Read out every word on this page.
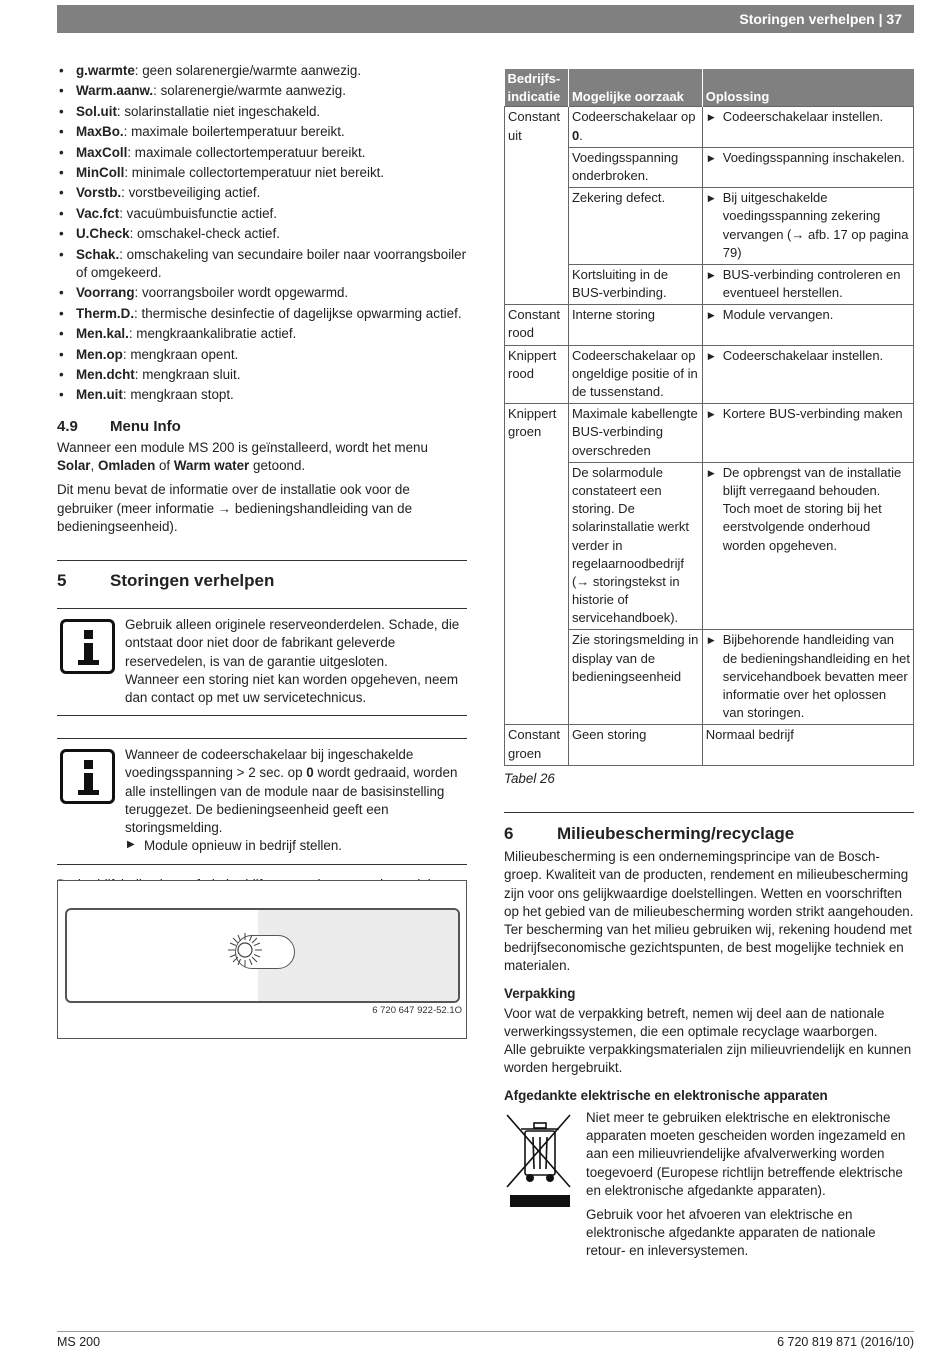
Storingen verhelpen | 37
• g.warmte: geen solarenergie/warmte aanwezig.
• Warm.aanw.: solarenergie/warmte aanwezig.
• Sol.uit: solarinstallatie niet ingeschakeld.
• MaxBo.: maximale boilertemperatuur bereikt.
• MaxColl: maximale collectortemperatuur bereikt.
• MinColl: minimale collectortemperatuur niet bereikt.
• Vorstb.: vorstbeveiliging actief.
• Vac.fct: vacuümbuisfunctie actief.
• U.Check: omschakel-check actief.
• Schak.: omschakeling van secundaire boiler naar voorrangsboiler of omgekeerd.
• Voorrang: voorrangsboiler wordt opgewarmd.
• Therm.D.: thermische desinfectie of dagelijkse opwarming actief.
• Men.kal.: mengkraankalibratie actief.
• Men.op: mengkraan opent.
• Men.dcht: mengkraan sluit.
• Men.uit: mengkraan stopt.
4.9	Menu Info

Wanneer een module MS 200 is geïnstalleerd, wordt het menu Solar, Omladen of Warm water getoond.

Dit menu bevat de informatie over de installatie ook voor de gebruiker (meer informatie → bedieningshandleiding van de bedieningseenheid).

5	Storingen verhelpen
Gebruik alleen originele reserveonderdelen. Schade, die ontstaat door niet door de fabrikant geleverde reservedelen, is van de garantie uitgesloten.
Wanneer een storing niet kan worden opgeheven, neem dan contact op met uw servicetechnicus.
Wanneer de codeerschakelaar bij ingeschakelde voedingsspanning > 2 sec. op 0 wordt gedraaid, worden alle instellingen van de module naar de basisinstelling teruggezet. De bedieningseenheid geeft een storingsmelding.
▶ Module opnieuw in bedrijf stellen.

6 720 647 922-52.1O
Bedrijfs-indicatie	Mogelijke oorzaak	Oplossing
Constant uit	Codeerschakelaar op 0.	▶ Codeerschakelaar instellen.
	Voedingsspanning onderbroken.	▶ Voedingsspanning inschakelen.
	Zekering defect.	▶ Bij uitgeschakelde voedingsspanning zekering vervangen (→ afb. 17 op pagina 79)
	Kortsluiting in de BUS-verbinding.	▶ BUS-verbinding controleren en eventueel herstellen.
Constant rood	Interne storing	▶ Module vervangen.
Knippert rood	Codeerschakelaar op ongeldige positie of in de tussenstand.	▶ Codeerschakelaar instellen.
Knippert groen	Maximale kabellengte BUS-verbinding overschreden	▶ Kortere BUS-verbinding maken
	De solarmodule constateert een storing. De solarinstallatie werkt verder in regelaarnoodbedrijf (→ storingstekst in historie of servicehandboek).	▶ De opbrengst van de installatie blijft verregaand behouden. Toch moet de storing bij het eerstvolgende onderhoud worden opgeheven.
	Zie storingsmelding in display van de bedieningseenheid	▶ Bijbehorende handleiding van de bedieningshandleiding en het servicehandboek bevatten meer informatie over het oplossen van storingen.
Constant groen	Geen storing	Normaal bedrijf
Tabel 26
6	Milieubescherming/recyclage

Milieubescherming is een ondernemingsprincipe van de Bosch-groep. Kwaliteit van de producten, rendement en milieubescherming zijn voor ons gelijkwaardige doelstellingen. Wetten en voorschriften op het gebied van de milieubescherming worden strikt aangehouden.

Ter bescherming van het milieu gebruiken wij, rekening houdend met bedrijfseconomische gezichtspunten, de best mogelijke techniek en materialen.

Verpakking

Voor wat de verpakking betreft, nemen wij deel aan de nationale verwerkingssystemen, die een optimale recyclage waarborgen.

Alle gebruikte verpakkingsmaterialen zijn milieuvriendelijk en kunnen worden hergebruikt.

Afgedankte elektrische en elektronische apparaten
Niet meer te gebruiken elektrische en elektronische apparaten moeten gescheiden worden ingezameld en aan een milieuvriendelijke afvalverwerking worden toegevoerd (Europese richtlijn betreffende elektrische en elektronische afgedankte apparaten).
Gebruik voor het afvoeren van elektrische en elektronische afgedankte apparaten de nationale retour- en inleversystemen.
MS 200	6 720 819 871 (2016/10)
